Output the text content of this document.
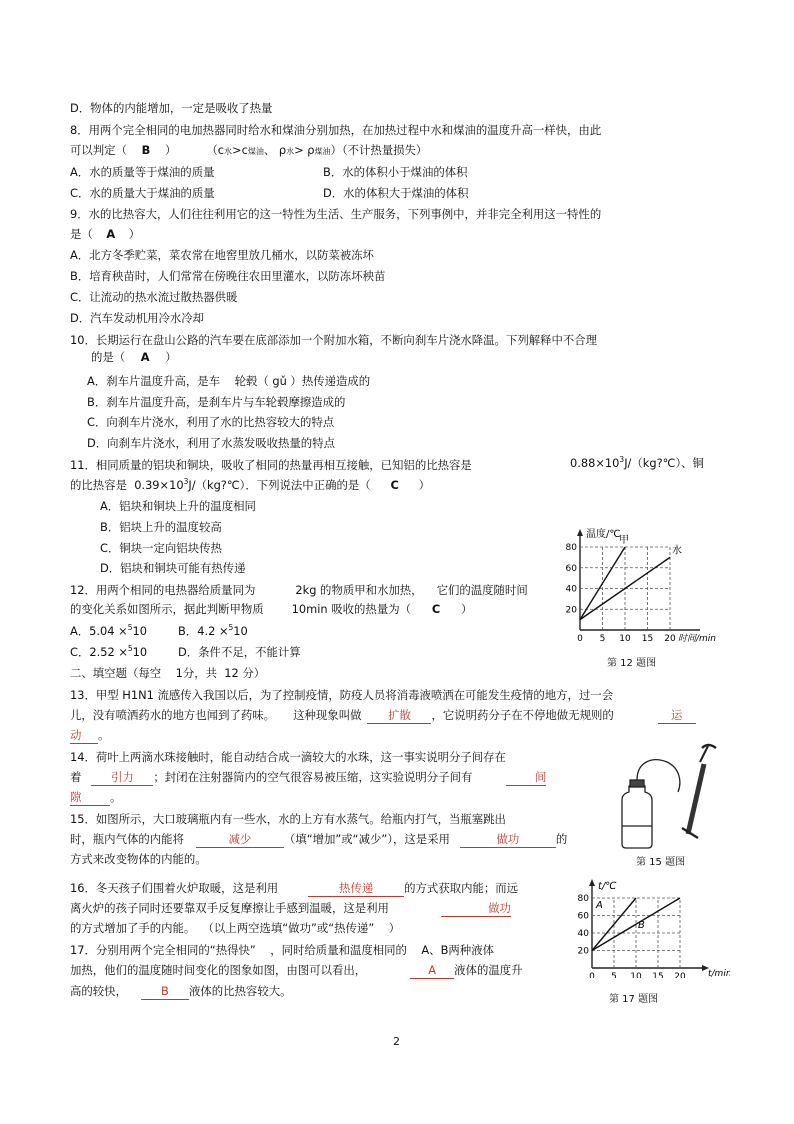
D．物体的内能增加，一定是吸收了热量
8．用两个完全相同的电加热器同时给水和煤油分别加热，在加热过程中水和煤油的温度升高一样快，由此
可以判定（ B ）	（c水>c煤油、 ρ水> ρ煤油）（不计热量损失）
A．水的质量等于煤油的质量	B．水的体积小于煤油的体积
C．水的质量大于煤油的质量	D．水的体积大于煤油的体积
9．水的比热容大，人们往往利用它的这一特性为生活、生产服务，下列事例中，并非完全利用这一特性的
是（ A ）
A．北方冬季贮菜，菜农常在地窖里放几桶水，以防菜被冻坏
B．培育秧苗时，人们常常在傍晚往农田里灌水，以防冻坏秧苗
C．让流动的热水流过散热器供暖
D．汽车发动机用冷水冷却
10．长期运行在盘山公路的汽车要在底部添加一个附加水箱，不断向刹车片浇水降温。下列解释中不合理
的是（ A ）
A．刹车片温度升高，是车    轮毂（ gǔ ）热传递造成的
B．刹车片温度升高，是刹车片与车轮毂摩擦造成的
C．向刹车片浇水，利用了水的比热容较大的特点
D．向刹车片浇水，利用了水蒸发吸收热量的特点
11．相同质量的铝块和铜块，吸收了相同的热量再相互接触，已知铝的比热容是	$0.88\times 10^3J/(kg?℃)$、铜
的比热容是  $0.39\times 10^3J/(kg?℃)$．下列说法中正确的是（ C ）
A．铝块和铜块上升的温度相同
B．铝块上升的温度较高
C．铜块一定向铝块传热
D．铝块和铜块可能有热传递
12．用两个相同的电热器给质量同为	2kg 的物质甲和水加热， 它们的温度随时间
的变化关系如图所示，据此判断甲物质 10min 吸收的热量为（ C ）
A．5.04 ×$^5$10	B．4.2 ×$^5$10
C．2.52 ×$^5$10	D．条件不足，不能计算
二、填空题（每空    1分，共  12 分）
13．甲型 H1N1 流感传入我国以后，为了控制疫情，防疫人员将消毒液喷洒在可能发生疫情的地方，过一会
儿，没有喷洒药水的地方也闻到了药味。     这种现象叫做 扩散 ，它说明药分子在不停地做无规则的	运
动 。
14．荷叶上两滴水珠接触时，能自动结合成一滴较大的水珠，这一事实说明分子间存在
着	引力 ；封闭在注射器筒内的空气很容易被压缩，这实验说明分子间有	间
隙	。
15．如图所示，大口玻璃瓶内有一些水，水的上方有水蒸气。给瓶内打气，当瓶塞跳出
时，瓶内气体的内能将	减少	（填“增加”或“减少”），这是采用	做功	的
方式来改变物体的内能的。
16．冬天孩子们围着火炉取暖，这是利用	热传递	的方式获取内能；而远
离火炉的孩子同时还要靠双手反复摩擦让手感到温暖，这是利用	做功
的方式增加了手的内能。  （以上两空选填“做功”或“热传递”    ）
17．分别用两个完全相同的“热得快”    ，同时给质量和温度相同的    A、B两种液体
加热，他们的温度随时间变化的图象如图，由图可以看出，	A 液体的温度升
高的较快，	B 液体的比热容较大。
温度/℃
时间/min
20
40
60
80
0 5 10 15 20
甲
水
第 12 题图
第 15 题图
t/℃
t/min
20
40
60
80
0 5 10 15 20
A
B
第 17 题图
2
